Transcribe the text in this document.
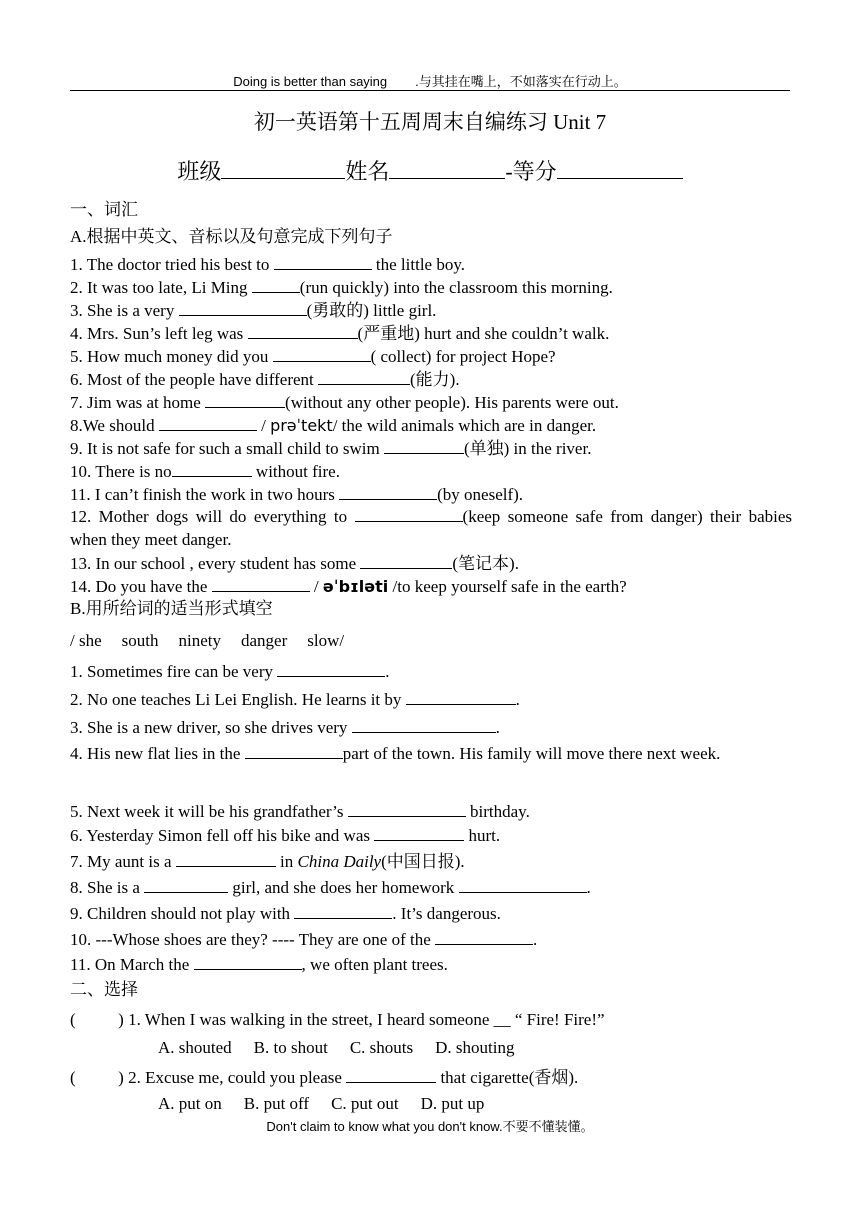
Doing is better than saying .与其挂在嘴上，不如落实在行动上。
初一英语第十五周周末自编练习 Unit 7
班级	姓名	-等分
一、词汇
A.根据中英文、音标以及句意完成下列句子
1. The doctor tried his best to	the little boy.
2. It was too late, Li Ming	(run quickly) into the classroom this morning.
3. She is a very	(勇敢的) little girl.
4. Mrs. Sun’s left leg was	(严重地) hurt and she couldn’t walk.
5. How much money did you	( collect) for project Hope?
6. Most of the people have different	(能力).
7. Jim was at home	(without any other people). His parents were out.
8.We should	/ prəˈtekt/ the wild animals which are in danger.
9. It is not safe for such a small child to swim	(单独) in the river.
10. There is no	without fire.
11. I can’t finish the work in two hours	(by oneself).
12. Mother dogs will do everything to	(keep someone safe from danger) their babies when they meet danger.
13. In our school , every student has some	(笔记本).
14. Do you have the	/ əˈbɪləti /to keep yourself safe in the earth?
B.用所给词的适当形式填空
/ she south ninety danger slow/
1. Sometimes fire can be very	.
2. No one teaches Li Lei English. He learns it by	.
3. She is a new driver, so she drives very	.
4. His new flat lies in the	part of the town. His family will move there next week.
5. Next week it will be his grandfather’s	birthday.
6. Yesterday Simon fell off his bike and was	hurt.
7. My aunt is a	in China Daily(中国日报).
8. She is a	girl, and she does her homework	.
9. Children should not play with	. It’s dangerous.
10. ---Whose shoes are they? ---- They are one of the	.
11. On March the	, we often plant trees.
二、选择
(          ) 1. When I was walking in the street, I heard someone __ “ Fire! Fire!”
A. shouted B. to shout C. shouts D. shouting
(          ) 2. Excuse me, could you please	that cigarette(香烟).
A. put on B. put off C. put out D. put up
Don't claim to know what you don't know.不要不懂装懂。
